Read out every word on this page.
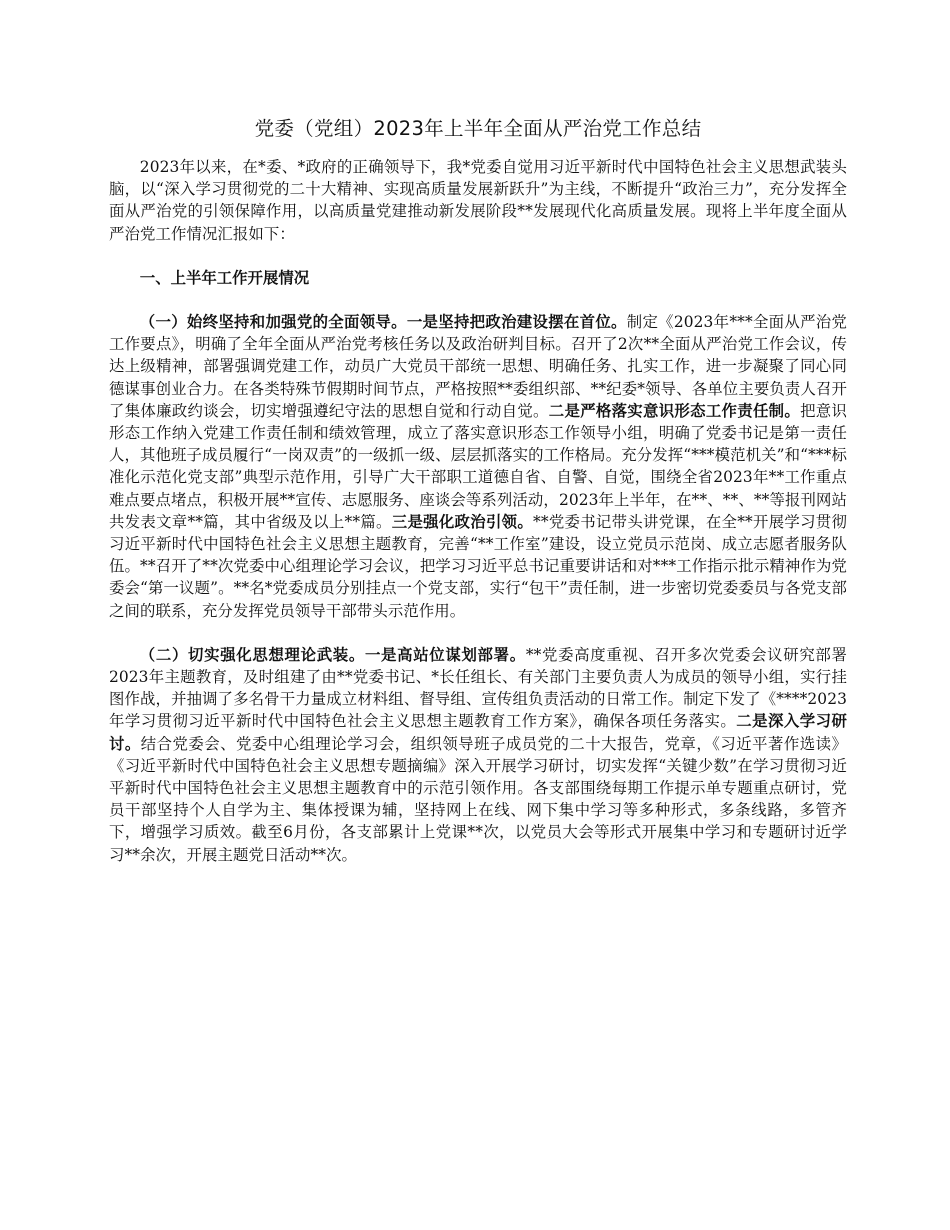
党委（党组）2023年上半年全面从严治党工作总结

2023年以来，在*委、*政府的正确领导下，我*党委自觉用习近平新时代中国特色社会主义思想武装头脑，以“深入学习贯彻党的二十大精神、实现高质量发展新跃升”为主线，不断提升“政治三力”，充分发挥全面从严治党的引领保障作用，以高质量党建推动新发展阶段**发展现代化高质量发展。现将上半年度全面从严治党工作情况汇报如下：

一、上半年工作开展情况

（一）始终坚持和加强党的全面领导。一是坚持把政治建设摆在首位。制定《2023年***全面从严治党工作要点》，明确了全年全面从严治党考核任务以及政治研判目标。召开了2次**全面从严治党工作会议，传达上级精神，部署强调党建工作，动员广大党员干部统一思想、明确任务、扎实工作，进一步凝聚了同心同德谋事创业合力。在各类特殊节假期时间节点，严格按照**委组织部、**纪委*领导、各单位主要负责人召开了集体廉政约谈会，切实增强遵纪守法的思想自觉和行动自觉。二是严格落实意识形态工作责任制。把意识形态工作纳入党建工作责任制和绩效管理，成立了落实意识形态工作领导小组，明确了党委书记是第一责任人，其他班子成员履行“一岗双责”的一级抓一级、层层抓落实的工作格局。充分发挥“***模范机关”和“***标准化示范化党支部”典型示范作用，引导广大干部职工道德自省、自警、自觉，围绕全省2023年**工作重点难点要点堵点，积极开展**宣传、志愿服务、座谈会等系列活动，2023年上半年，在**、**、**等报刊网站共发表文章**篇，其中省级及以上**篇。三是强化政治引领。**党委书记带头讲党课，在全**开展学习贯彻习近平新时代中国特色社会主义思想主题教育，完善“**工作室”建设，设立党员示范岗、成立志愿者服务队伍。**召开了**次党委中心组理论学习会议，把学习习近平总书记重要讲话和对***工作指示批示精神作为党委会“第一议题”。**名*党委成员分别挂点一个党支部，实行“包干”责任制，进一步密切党委委员与各党支部之间的联系，充分发挥党员领导干部带头示范作用。

（二）切实强化思想理论武装。一是高站位谋划部署。**党委高度重视、召开多次党委会议研究部署2023年主题教育，及时组建了由**党委书记、*长任组长、有关部门主要负责人为成员的领导小组，实行挂图作战，并抽调了多名骨干力量成立材料组、督导组、宣传组负责活动的日常工作。制定下发了《****2023年学习贯彻习近平新时代中国特色社会主义思想主题教育工作方案》，确保各项任务落实。二是深入学习研讨。结合党委会、党委中心组理论学习会，组织领导班子成员党的二十大报告，党章，《习近平著作选读》《习近平新时代中国特色社会主义思想专题摘编》深入开展学习研讨，切实发挥“关键少数”在学习贯彻习近平新时代中国特色社会主义思想主题教育中的示范引领作用。各支部围绕每期工作提示单专题重点研讨，党员干部坚持个人自学为主、集体授课为辅，坚持网上在线、网下集中学习等多种形式，多条线路，多管齐下，增强学习质效。截至6月份，各支部累计上党课**次，以党员大会等形式开展集中学习和专题研讨近学习**余次，开展主题党日活动**次。
